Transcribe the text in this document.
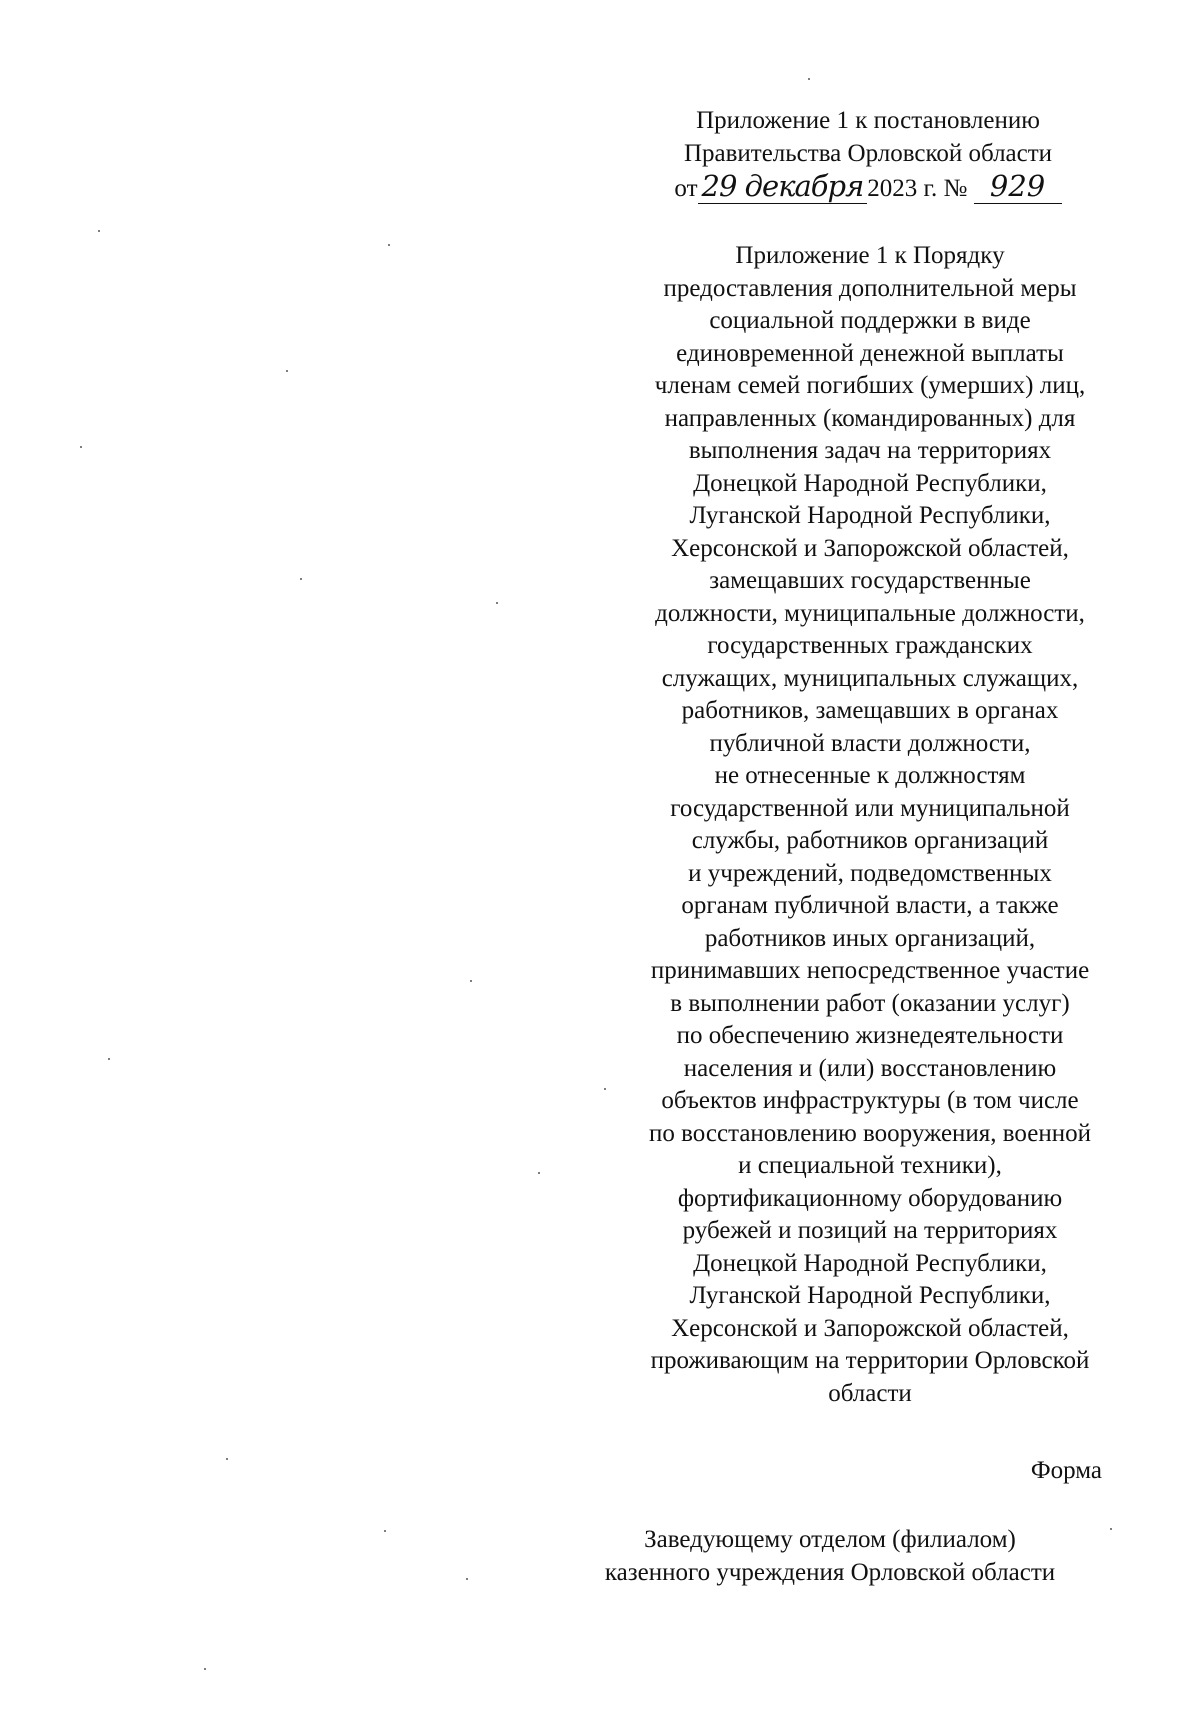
Приложение 1 к постановлению
Правительства Орловской области
от 29 декабря 2023 г. № 929
Приложение 1 к Порядку
предоставления дополнительной меры
социальной поддержки в виде
единовременной денежной выплаты
членам семей погибших (умерших) лиц,
направленных (командированных) для
выполнения задач на территориях
Донецкой Народной Республики,
Луганской Народной Республики,
Херсонской и Запорожской областей,
замещавших государственные
должности, муниципальные должности,
государственных гражданских
служащих, муниципальных служащих,
работников, замещавших в органах
публичной власти должности,
не отнесенные к должностям
государственной или муниципальной
службы, работников организаций
и учреждений, подведомственных
органам публичной власти, а также
работников иных организаций,
принимавших непосредственное участие
в выполнении работ (оказании услуг)
по обеспечению жизнедеятельности
населения и (или) восстановлению
объектов инфраструктуры (в том числе
по восстановлению вооружения, военной
и специальной техники),
фортификационному оборудованию
рубежей и позиций на территориях
Донецкой Народной Республики,
Луганской Народной Республики,
Херсонской и Запорожской областей,
проживающим на территории Орловской
области
Форма
Заведующему отделом (филиалом)
казенного учреждения Орловской области
